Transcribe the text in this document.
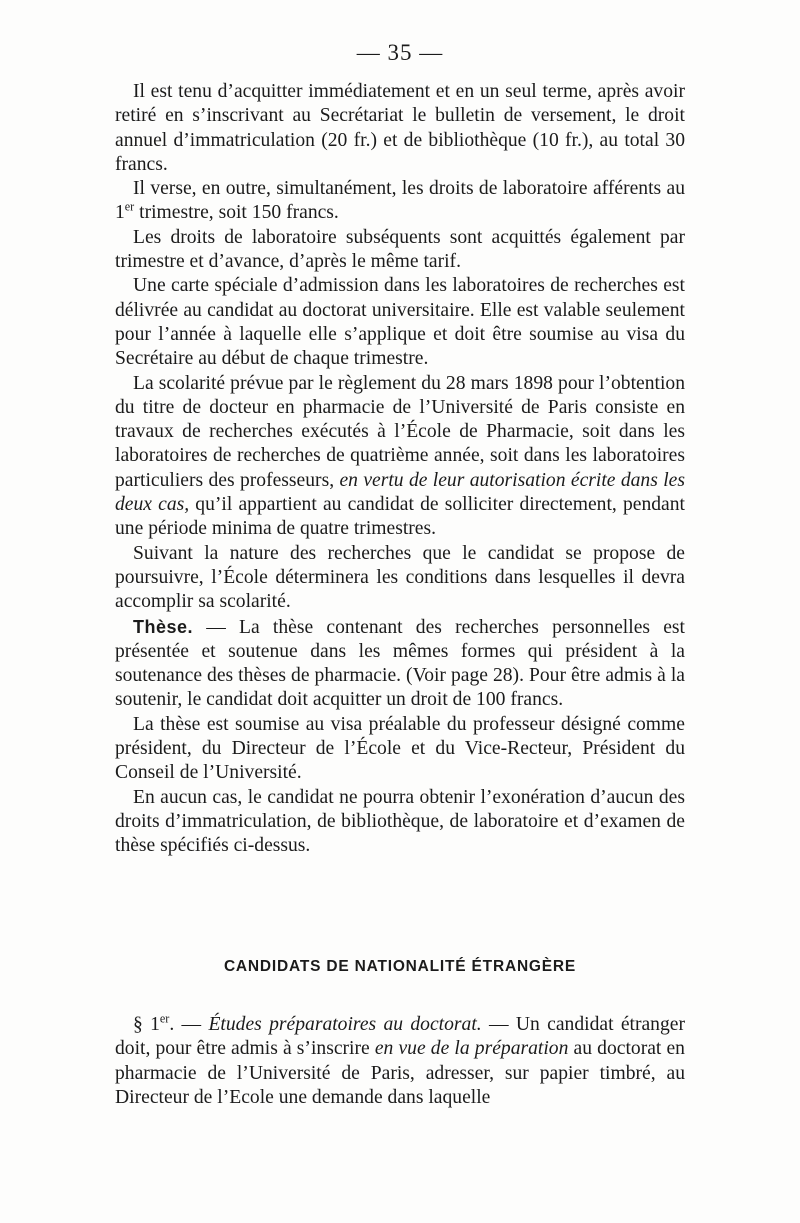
— 35 —

Il est tenu d’acquitter immédiatement et en un seul terme, après avoir retiré en s’inscrivant au Secrétariat le bulletin de versement, le droit annuel d’immatriculation (20 fr.) et de bibliothèque (10 fr.), au total 30 francs.

Il verse, en outre, simultanément, les droits de laboratoire afférents au 1er trimestre, soit 150 francs.

Les droits de laboratoire subséquents sont acquittés également par trimestre et d’avance, d’après le même tarif.

Une carte spéciale d’admission dans les laboratoires de recherches est délivrée au candidat au doctorat universitaire. Elle est valable seulement pour l’année à laquelle elle s’applique et doit être soumise au visa du Secrétaire au début de chaque trimestre.

La scolarité prévue par le règlement du 28 mars 1898 pour l’obtention du titre de docteur en pharmacie de l’Université de Paris consiste en travaux de recherches exécutés à l’École de Pharmacie, soit dans les laboratoires de recherches de quatrième année, soit dans les laboratoires particuliers des professeurs, en vertu de leur autorisation écrite dans les deux cas, qu’il appartient au candidat de solliciter directement, pendant une période minima de quatre trimestres.

Suivant la nature des recherches que le candidat se propose de poursuivre, l’École déterminera les conditions dans lesquelles il devra accomplir sa scolarité.

Thèse. — La thèse contenant des recherches personnelles est présentée et soutenue dans les mêmes formes qui président à la soutenance des thèses de pharmacie. (Voir page 28). Pour être admis à la soutenir, le candidat doit acquitter un droit de 100 francs.

La thèse est soumise au visa préalable du professeur désigné comme président, du Directeur de l’École et du Vice-Recteur, Président du Conseil de l’Université.

En aucun cas, le candidat ne pourra obtenir l’exonération d’aucun des droits d’immatriculation, de bibliothèque, de laboratoire et d’examen de thèse spécifiés ci-dessus.

CANDIDATS DE NATIONALITÉ ÉTRANGÈRE

§ 1er. — Études préparatoires au doctorat. — Un candidat étranger doit, pour être admis à s’inscrire en vue de la préparation au doctorat en pharmacie de l’Université de Paris, adresser, sur papier timbré, au Directeur de l’Ecole une demande dans laquelle
